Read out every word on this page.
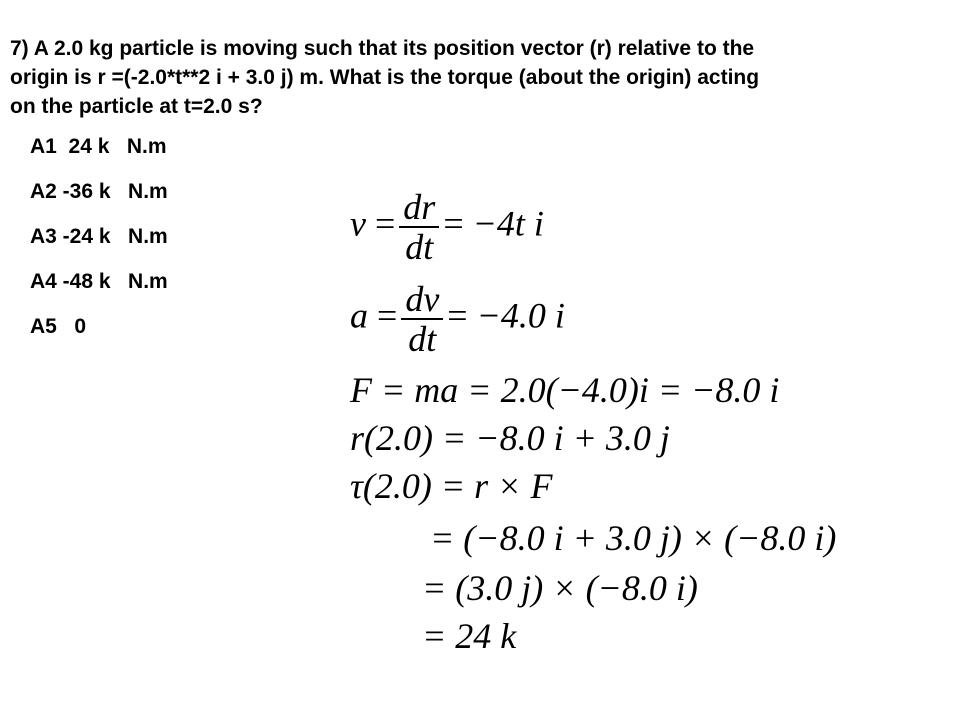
7) A 2.0 kg particle is moving such that its position vector (r) relative to the
origin is r =(-2.0*t**2 i + 3.0 j) m. What is the torque (about the origin) acting
on the particle at t=2.0 s?
A1  24 k   N.m
A2 -36 k   N.m
A3 -24 k   N.m
A4 -48 k   N.m
A5   0

$v = \frac{dr}{dt} = -4t$ i

$a = \frac{dv}{dt} = -4.0$ i

F = ma = 2.0(−4.0)i = −8.0 i

r(2.0) = −8.0 i + 3.0 j

τ(2.0) = r × F

= (−8.0 i + 3.0 j) × (−8.0 i)

= (3.0 j) × (−8.0 i)

= 24 k
